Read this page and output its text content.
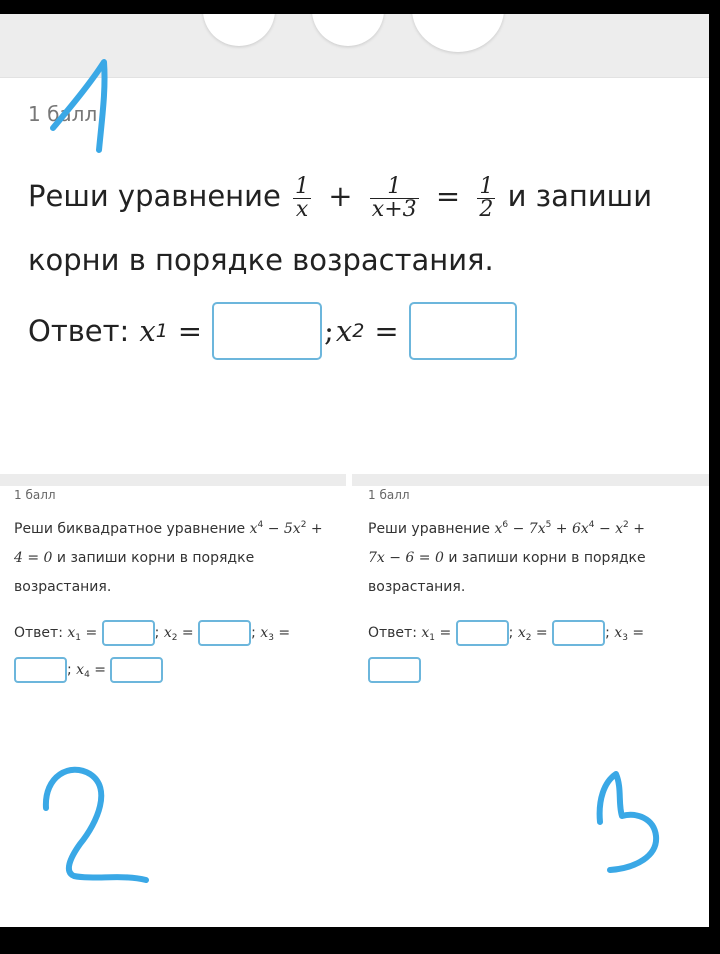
1 балл
Реши уравнение $\frac{1}{x} + \frac{1}{x+3} = \frac{1}{2}$ и запиши корни в порядке возрастания.
Ответ: x 1 =	; x 2 =
1 балл
Реши биквадратное уравнение $x^4 - 5x^2$ +
4 = 0 и запиши корни в порядке
возрастания.
Ответ: $x_1$ =	; $x_2$ =	; $x_3$ =
; $x_4$ =
1 балл
Реши уравнение $x^6 - 7x^5 + 6x^4 - x^2$ +
7x − 6 = 0 и запиши корни в порядке
возрастания.
Ответ: $x_1$ =	; $x_2$ =	; $x_3$ =
